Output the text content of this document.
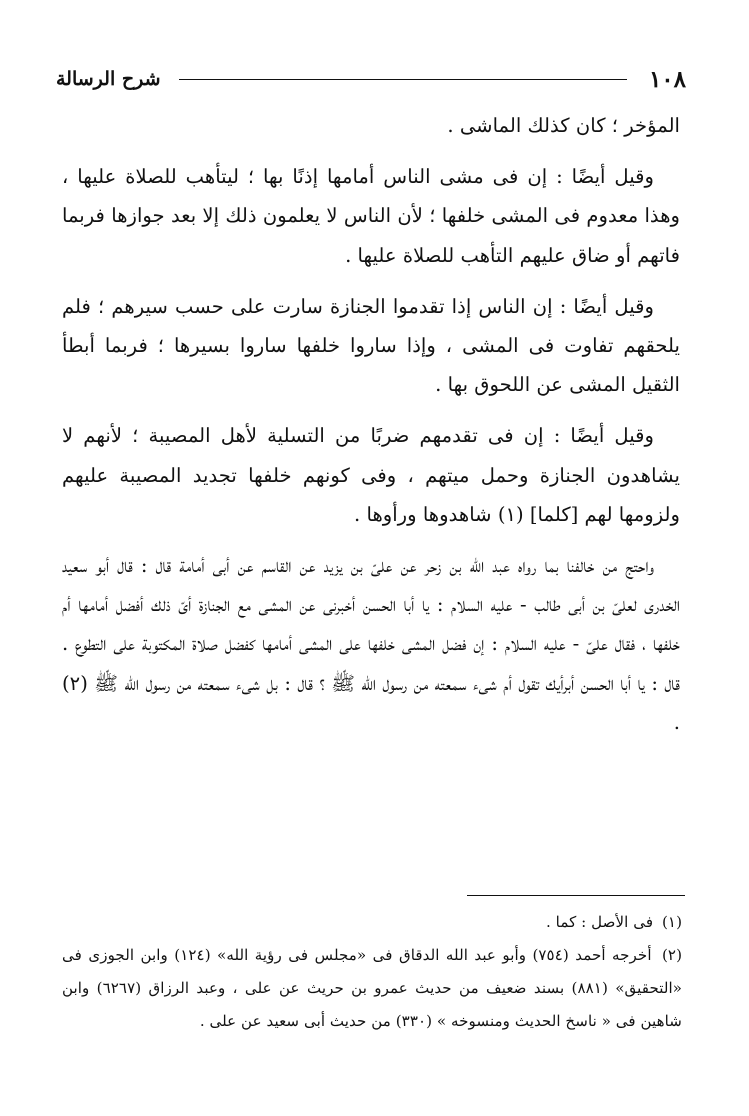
١٠٨
شرح الرسالة

المؤخر ؛ كان كذلك الماشى .

وقيل أيضًا : إن فى مشى الناس أمامها إذنًا بها ؛ ليتأهب للصلاة عليها ، وهذا معدوم فى المشى خلفها ؛ لأن الناس لا يعلمون ذلك إلا بعد جوازها فربما فاتهم أو ضاق عليهم التأهب للصلاة عليها .

وقيل أيضًا : إن الناس إذا تقدموا الجنازة سارت على حسب سيرهم ؛ فلم يلحقهم تفاوت فى المشى ، وإذا ساروا خلفها ساروا بسيرها ؛ فربما أبطأ الثقيل المشى عن اللحوق بها .

وقيل أيضًا : إن فى تقدمهم ضربًا من التسلية لأهل المصيبة ؛ لأنهم لا يشاهدون الجنازة وحمل ميتهم ، وفى كونهم خلفها تجديد المصيبة عليهم ولزومها لهم [كلما] (١) شاهدوها ورأوها .

واحتج من خالفنا بما رواه عبد الله بن زحر عن علىّ بن يزيد عن القاسم عن أبى أمامة قال : قال أبو سعيد الخدرى لعلىّ بن أبى طالب - عليه السلام : يا أبا الحسن أخبرنى عن المشى مع الجنازة أىّ ذلك أفضل أمامها أم خلفها ، فقال علىّ - عليه السلام : إن فضل المشى خلفها على المشى أمامها كفضل صلاة المكتوبة على التطوع . قال : يا أبا الحسن أبرأيك تقول أم شىء سمعته من رسول الله ﷺ ؟ قال : بل شىء سمعته من رسول الله ﷺ (٢) .

(١) فى الأصل : كما .

(٢) أخرجه أحمد (٧٥٤) وأبو عبد الله الدقاق فى «مجلس فى رؤية الله» (١٢٤) وابن الجوزى فى «التحقيق» (٨٨١) بسند ضعيف من حديث عمرو بن حريث عن على ، وعبد الرزاق (٦٢٦٧) وابن شاهين فى « ناسخ الحديث ومنسوخه » (٣٣٠) من حديث أبى سعيد عن على .
